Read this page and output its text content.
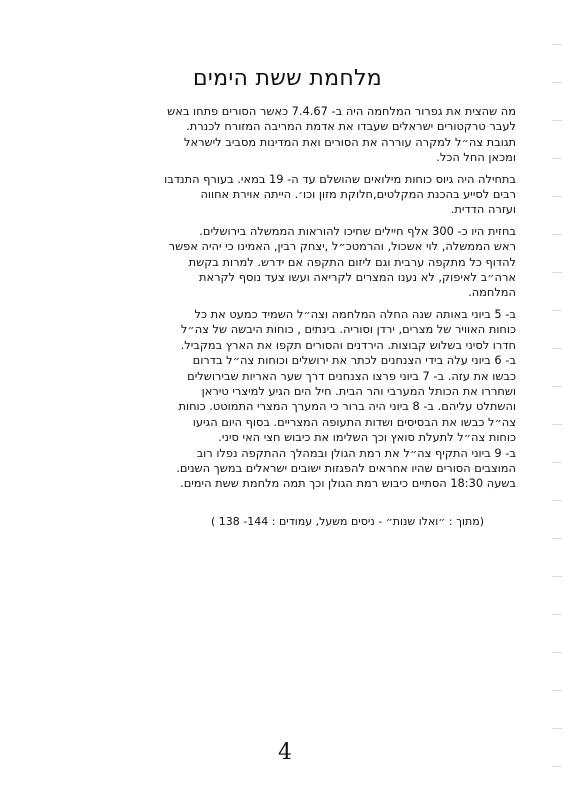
מלחמת ששת הימים
מה שהצית את גפרור המלחמה היה ב- 7.4.67 כאשר הסורים פתחו באש
לעבר טרקטורים ישראלים שעבדו את אדמת המריבה המזורח לכנרת.
תגובת צה״ל למקרה עוררה את הסורים ואת המדינות מסביב לישראל
ומכאן החל הכל.
בתחילה היה גיוס כוחות מילואים שהושלם עד ה- 19 במאי. בעורף התנדבו
רבים לסייע בהכנת המקלטים,חלוקת מזון וכו׳. הייתה אוירת אחווה
ועזרה הדדית.
בחזית היו כ- 300 אלף חיילים שחיכו להוראות הממשלה בירושלים.
ראש הממשלה, לוי אשכול, והרמטכ״ל ,יצחק רבין, האמינו כי יהיה אפשר
להדוף כל מתקפה ערבית וגם ליזום התקפה אם ידרש. למרות בקשת
ארה״ב לאיפוק, לא נענו המצרים לקריאה ועשו צעד נוסף לקראת
המלחמה.
ב- 5 ביוני באותה שנה החלה המלחמה וצה״ל השמיד כמעט את כל
כוחות האוויר של מצרים, ירדן וסוריה. בינתים , כוחות היבשה של צה״ל
חדרו לסיני בשלוש קבוצות. הירדנים והסורים תקפו את הארץ במקביל.
ב- 6 ביוני עלה בידי הצנחנים לכתר את ירושלים וכוחות צה״ל בדרום
כבשו את עזה. ב- 7 ביוני פרצו הצנחנים דרך שער האריות שבירושלים
ושחררו את הכותל המערבי והר הבית. חיל הים הגיע למיצרי טיראן
והשתלט עליהם. ב- 8 ביוני היה ברור כי המערך המצרי התמוטט. כוחות
צה״ל כבשו את הבסיסים ושדות התעופה המצריים. בסוף היום הגיעו
כוחות צה״ל לתעלת סואץ וכך השלימו את כיבוש חצי האי סיני.
ב- 9 ביוני התקיף צה״ל את רמת הגולן ובמהלך ההתקפה נפלו רוב
המוצבים הסורים שהיו אחראים להפגזות ישובים ישראלים במשך השנים.
בשעה 18:30 הסתיים כיבוש רמת הגולן וכך תמה מלחמת ששת הימים.
(מתוך : ״ואלו שנות״ - ניסים משעל, עמודים : 144- 138 )
4
